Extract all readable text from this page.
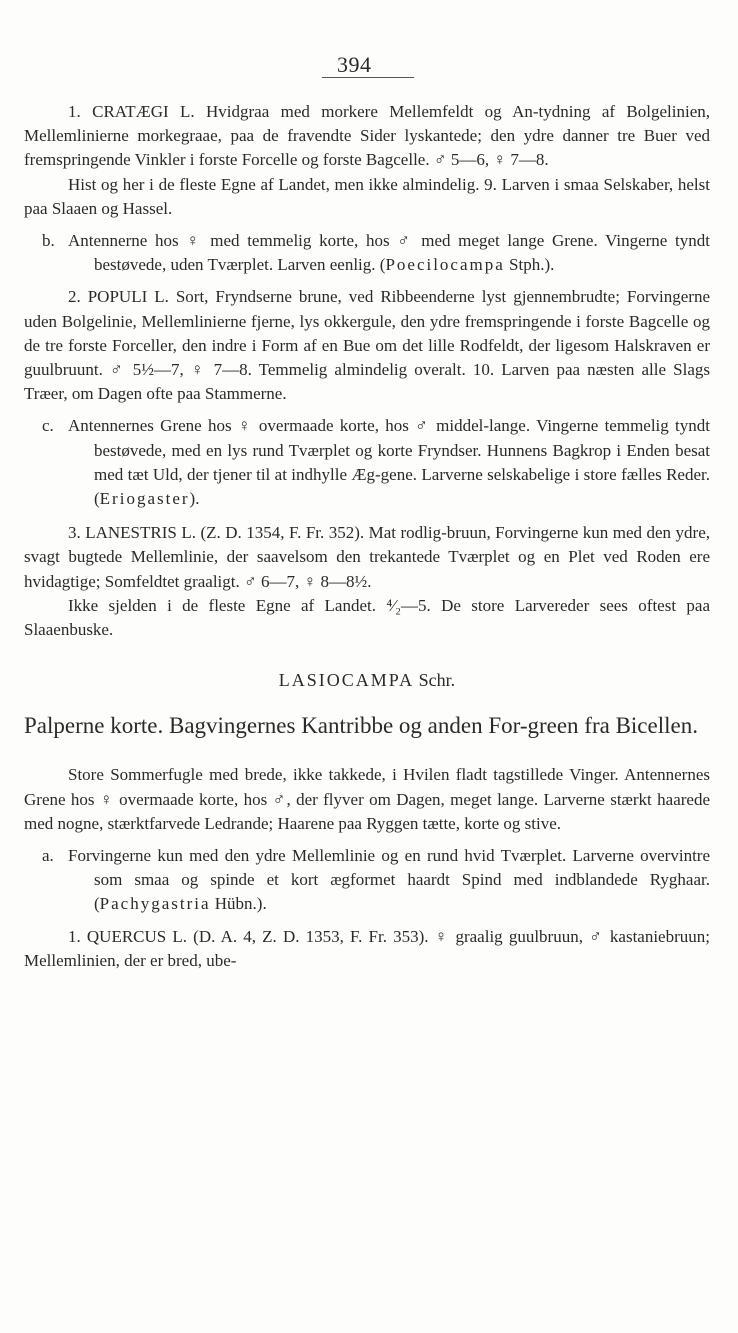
394

1. CRATÆGI L. Hvidgraa med morkere Mellemfeldt og An-tydning af Bolgelinien, Mellemlinierne morkegraae, paa de fravendte Sider lyskantede; den ydre danner tre Buer ved fremspringende Vinkler i forste Forcelle og forste Bagcelle. ♂ 5—6, ♀ 7—8.

Hist og her i de fleste Egne af Landet, men ikke almindelig. 9. Larven i smaa Selskaber, helst paa Slaaen og Hassel.

b. Antennerne hos ♀ med temmelig korte, hos ♂ med meget lange Grene. Vingerne tyndt bestøvede, uden Tværplet. Larven eenlig. (Poecilocampa Stph.).

2. POPULI L. Sort, Fryndserne brune, ved Ribbeenderne lyst gjennembrudte; Forvingerne uden Bolgelinie, Mellemlinierne fjerne, lys okkergule, den ydre fremspringende i forste Bagcelle og de tre forste Forceller, den indre i Form af en Bue om det lille Rodfeldt, der ligesom Halskraven er guulbruunt. ♂ 5½—7, ♀ 7—8. Temmelig almindelig overalt. 10. Larven paa næsten alle Slags Træer, om Dagen ofte paa Stammerne.

c. Antennernes Grene hos ♀ overmaade korte, hos ♂ middel-lange. Vingerne temmelig tyndt bestøvede, med en lys rund Tværplet og korte Fryndser. Hunnens Bagkrop i Enden besat med tæt Uld, der tjener til at indhylle Æg-gene. Larverne selskabelige i store fælles Reder. (Eriogaster).

3. LANESTRIS L. (Z. D. 1354, F. Fr. 352). Mat rodlig-bruun, Forvingerne kun med den ydre, svagt bugtede Mellemlinie, der saavelsom den trekantede Tværplet og en Plet ved Roden ere hvidagtige; Somfeldtet graaligt. ♂ 6—7, ♀ 8—8½.

Ikke sjelden i de fleste Egne af Landet. ⁴⁄₂—5. De store Larvereder sees oftest paa Slaaenbuske.

LASIOCAMPA Schr.

Palperne korte. Bagvingernes Kantribbe og anden For-green fra Bicellen.

Store Sommerfugle med brede, ikke takkede, i Hvilen fladt tagstillede Vinger. Antennernes Grene hos ♀ overmaade korte, hos ♂, der flyver om Dagen, meget lange. Larverne stærkt haarede med nogne, stærktfarvede Ledrande; Haarene paa Ryggen tætte, korte og stive.

a. Forvingerne kun med den ydre Mellemlinie og en rund hvid Tværplet. Larverne overvintre som smaa og spinde et kort ægformet haardt Spind med indblandede Ryghaar. (Pachygastria Hübn.).

1. QUERCUS L. (D. A. 4, Z. D. 1353, F. Fr. 353). ♀ graalig guulbruun, ♂ kastaniebruun; Mellemlinien, der er bred, ube-
